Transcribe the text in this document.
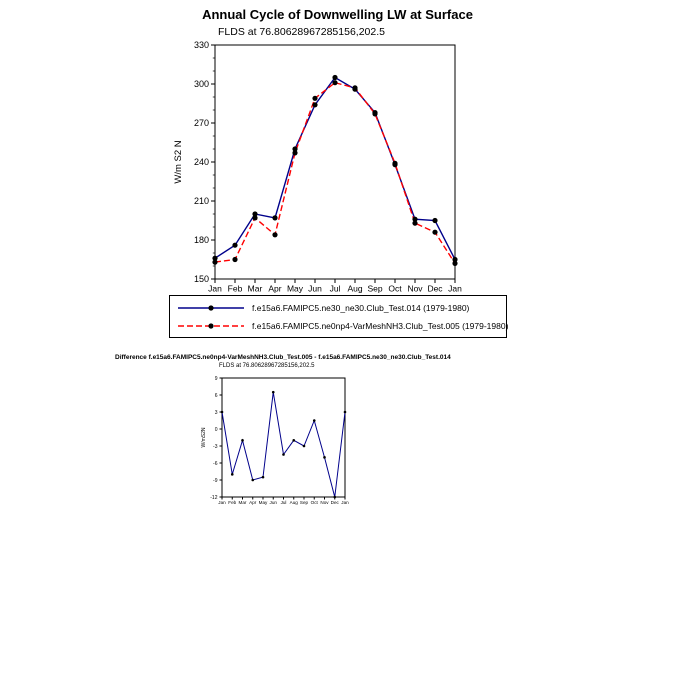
Annual Cycle of Downwelling LW at Surface
FLDS at 76.80628967285156,202.5
150
180
210
240
270
300
330
Jan Feb Mar Apr May Jun Jul Aug Sep Oct Nov Dec Jan
W/m S2 N
f.e15a6.FAMIPC5.ne30_ne30.Club_Test.014 (1979-1980)
f.e15a6.FAMIPC5.ne0np4-VarMeshNH3.Club_Test.005 (1979-1980)
Difference f.e15a6.FAMIPC5.ne0np4-VarMeshNH3.Club_Test.005 - f.e15a6.FAMIPC5.ne30_ne30.Club_Test.014
FLDS at 76.80628967285156,202.5
-12
-9
-6
-3
0
3
6
9
Jan Feb Mar Apr May Jun Jul Aug Sep Oct Nov Dec Jan
W/mS2N
